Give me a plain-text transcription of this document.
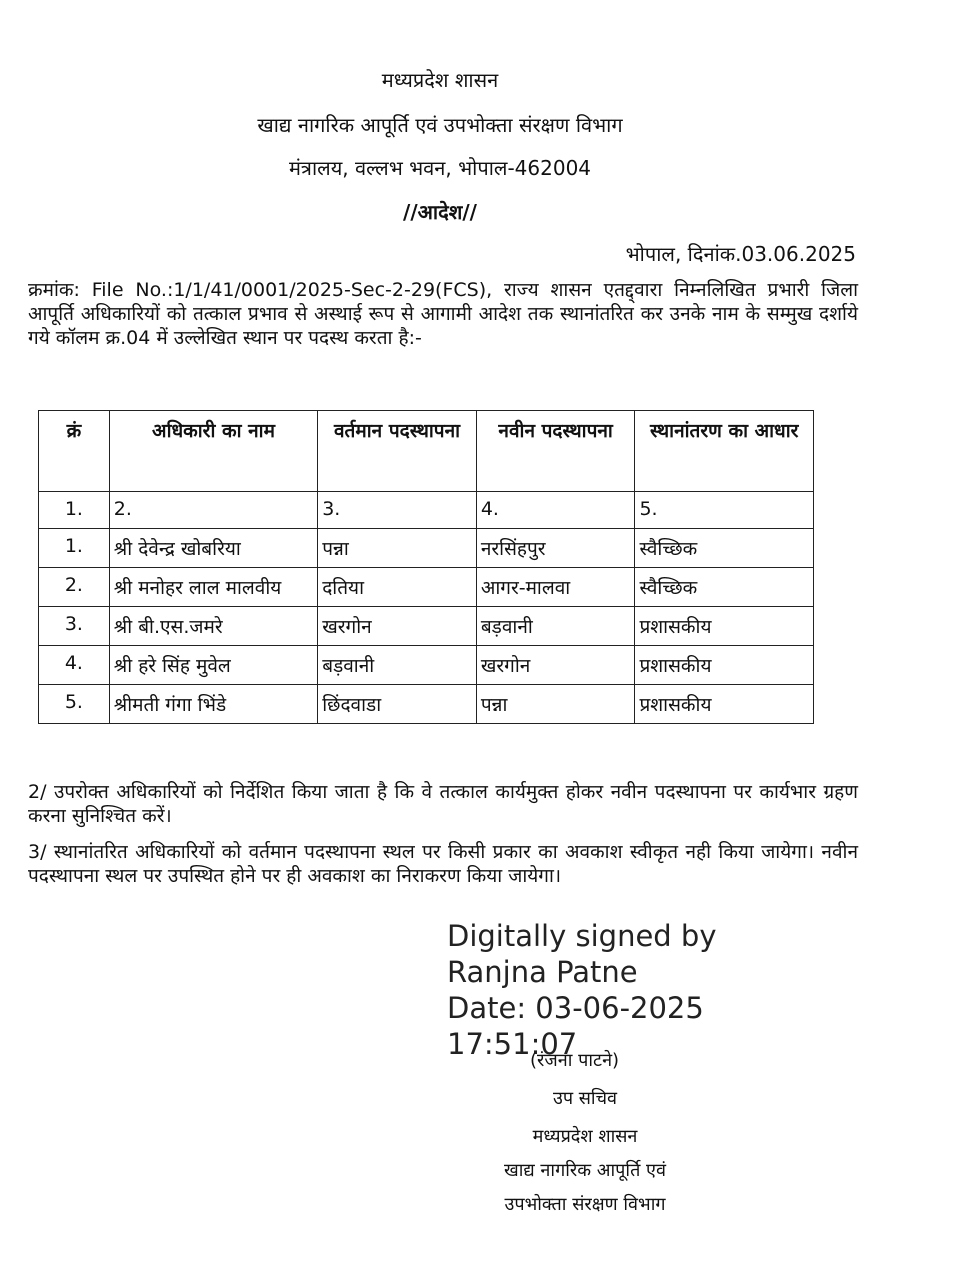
मध्यप्रदेश शासन
खाद्य नागरिक आपूर्ति एवं उपभोक्ता संरक्षण विभाग
मंत्रालय, वल्लभ भवन, भोपाल-462004
//आदेश//
भोपाल, दिनांक.03.06.2025
क्रमांक: File No.:1/1/41/0001/2025-Sec-2-29(FCS), राज्य शासन एतद्द्वारा निम्नलिखित प्रभारी जिला आपूर्ति अधिकारियों को तत्काल प्रभाव से अस्थाई रूप से आगामी आदेश तक स्थानांतरित कर उनके नाम के सम्मुख दर्शाये गये कॉलम क्र.04 में उल्लेखित स्थान पर पदस्थ करता है:-
क्रं	अधिकारी का नाम	वर्तमान पदस्थापना	नवीन पदस्थापना	स्थानांतरण का आधार
1.	2.	3.	4.	5.
1.	श्री देवेन्द्र खोबरिया	पन्ना	नरसिंहपुर	स्वैच्छिक
2.	श्री मनोहर लाल मालवीय	दतिया	आगर-मालवा	स्वैच्छिक
3.	श्री बी.एस.जमरे	खरगोन	बड़वानी	प्रशासकीय
4.	श्री हरे सिंह मुवेल	बड़वानी	खरगोन	प्रशासकीय
5.	श्रीमती गंगा भिंडे	छिंदवाडा	पन्ना	प्रशासकीय
2/ उपरोक्त अधिकारियों को निर्देशित किया जाता है कि वे तत्काल कार्यमुक्त होकर नवीन पदस्थापना पर कार्यभार ग्रहण करना सुनिश्चित करें।
3/ स्थानांतरित अधिकारियों को वर्तमान पदस्थापना स्थल पर किसी प्रकार का अवकाश स्वीकृत नही किया जायेगा। नवीन पदस्थापना स्थल पर उपस्थित होने पर ही अवकाश का निराकरण किया जायेगा।
Digitally signed by
Ranjna Patne
Date: 03-06-2025
17:51:07
(रंजना पाटने)
उप सचिव
मध्यप्रदेश शासन
खाद्य नागरिक आपूर्ति एवं
उपभोक्ता संरक्षण विभाग
